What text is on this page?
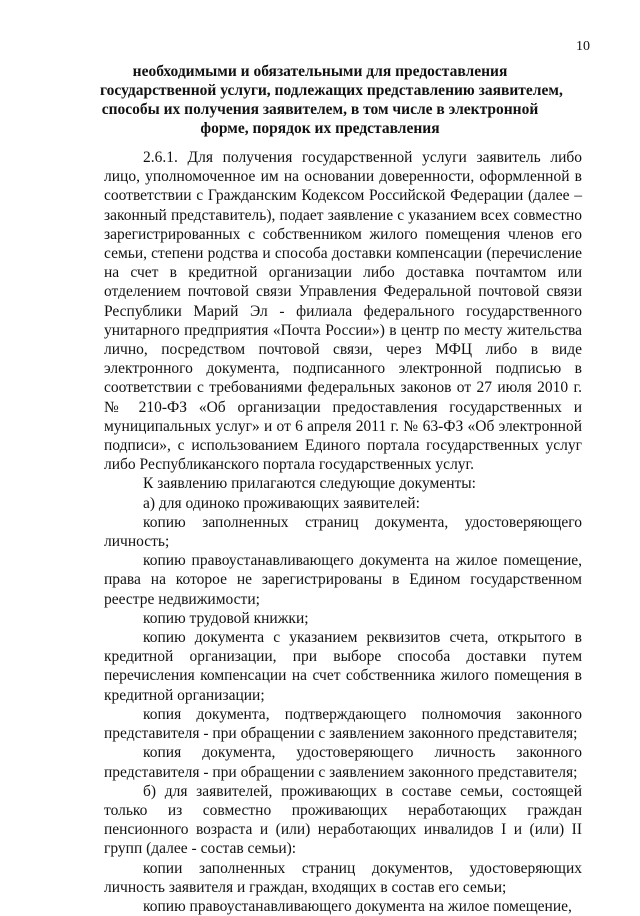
10
необходимыми и обязательными для предоставления
государственной услуги, подлежащих представлению заявителем,
способы их получения заявителем, в том числе в электронной
форме, порядок их представления

2.6.1. Для получения государственной услуги заявитель либо лицо, уполномоченное им на основании доверенности, оформленной в соответствии с Гражданским Кодексом Российской Федерации (далее – законный представитель), подает заявление с указанием всех совместно зарегистрированных с собственником жилого помещения членов его семьи, степени родства и способа доставки компенсации (перечисление на счет в кредитной организации либо доставка почтамтом или отделением почтовой связи Управления Федеральной почтовой связи Республики Марий Эл - филиала федерального государственного унитарного предприятия «Почта России») в центр по месту жительства лично, посредством почтовой связи, через МФЦ либо в виде электронного документа, подписанного электронной подписью в соответствии с требованиями федеральных законов от 27 июля 2010 г. № 210-ФЗ «Об организации предоставления государственных и муниципальных услуг» и от 6 апреля 2011 г. № 63-ФЗ «Об электронной подписи», с использованием Единого портала государственных услуг либо Республиканского портала государственных услуг.

К заявлению прилагаются следующие документы:

а) для одиноко проживающих заявителей:

копию заполненных страниц документа, удостоверяющего личность;

копию правоустанавливающего документа на жилое помещение, права на которое не зарегистрированы в Едином государственном реестре недвижимости;

копию трудовой книжки;

копию документа с указанием реквизитов счета, открытого в кредитной организации, при выборе способа доставки путем перечисления компенсации на счет собственника жилого помещения в кредитной организации;

копия документа, подтверждающего полномочия законного представителя - при обращении с заявлением законного представителя;

копия документа, удостоверяющего личность законного представителя - при обращении с заявлением законного представителя;

б) для заявителей, проживающих в составе семьи, состоящей только из совместно проживающих неработающих граждан пенсионного возраста и (или) неработающих инвалидов I и (или) II групп (далее - состав семьи):

копии заполненных страниц документов, удостоверяющих личность заявителя и граждан, входящих в состав его семьи;

копию правоустанавливающего документа на жилое помещение,
